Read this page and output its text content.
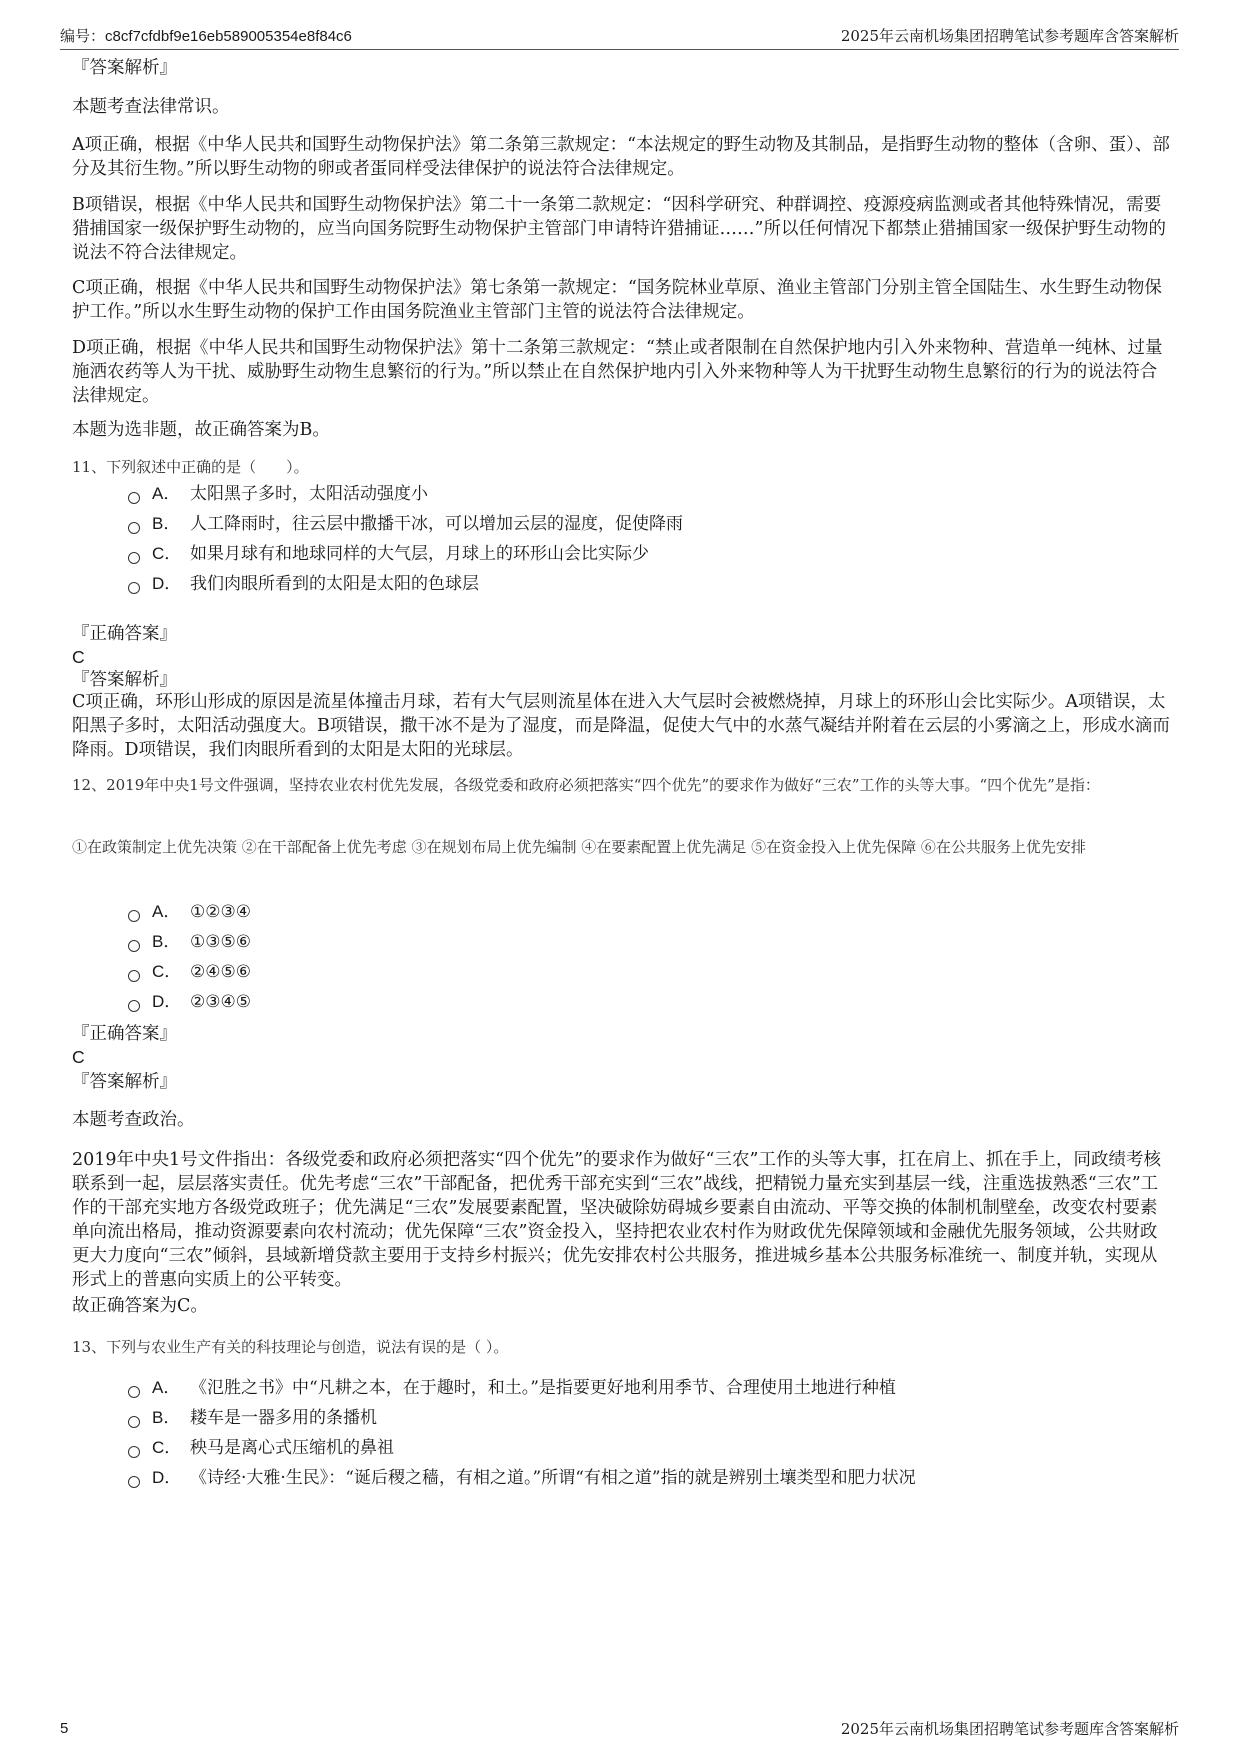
编号：c8cf7cfdbf9e16eb589005354e8f84c6	2025年云南机场集团招聘笔试参考题库含答案解析

『答案解析』

本题考查法律常识。

A项正确，根据《中华人民共和国野生动物保护法》第二条第三款规定：“本法规定的野生动物及其制品，是指野生动物的整体（含卵、蛋）、部分及其衍生物。”所以野生动物的卵或者蛋同样受法律保护的说法符合法律规定。

B项错误，根据《中华人民共和国野生动物保护法》第二十一条第二款规定：“因科学研究、种群调控、疫源疫病监测或者其他特殊情况，需要猎捕国家一级保护野生动物的，应当向国务院野生动物保护主管部门申请特许猎捕证……”所以任何情况下都禁止猎捕国家一级保护野生动物的说法不符合法律规定。

C项正确，根据《中华人民共和国野生动物保护法》第七条第一款规定：“国务院林业草原、渔业主管部门分别主管全国陆生、水生野生动物保护工作。”所以水生野生动物的保护工作由国务院渔业主管部门主管的说法符合法律规定。

D项正确，根据《中华人民共和国野生动物保护法》第十二条第三款规定：“禁止或者限制在自然保护地内引入外来物种、营造单一纯林、过量施洒农药等人为干扰、威胁野生动物生息繁衍的行为。”所以禁止在自然保护地内引入外来物种等人为干扰野生动物生息繁衍的行为的说法符合法律规定。

本题为选非题，故正确答案为B。

11、下列叙述中正确的是（　　）。

A． 太阳黑子多时，太阳活动强度小
B． 人工降雨时，往云层中撒播干冰，可以增加云层的湿度，促使降雨
C． 如果月球有和地球同样的大气层，月球上的环形山会比实际少
D． 我们肉眼所看到的太阳是太阳的色球层

『正确答案』

C

『答案解析』

C项正确，环形山形成的原因是流星体撞击月球，若有大气层则流星体在进入大气层时会被燃烧掉，月球上的环形山会比实际少。A项错误，太阳黑子多时，太阳活动强度大。B项错误，撒干冰不是为了湿度，而是降温，促使大气中的水蒸气凝结并附着在云层的小雾滴之上，形成水滴而降雨。D项错误，我们肉眼所看到的太阳是太阳的光球层。

12、2019年中央1号文件强调，坚持农业农村优先发展，各级党委和政府必须把落实“四个优先”的要求作为做好“三农”工作的头等大事。“四个优先”是指：

①在政策制定上优先决策 ②在干部配备上优先考虑 ③在规划布局上优先编制 ④在要素配置上优先满足 ⑤在资金投入上优先保障 ⑥在公共服务上优先安排

A． ①②③④
B． ①③⑤⑥
C． ②④⑤⑥
D． ②③④⑤

『正确答案』

C

『答案解析』

本题考查政治。

2019年中央1号文件指出：各级党委和政府必须把落实“四个优先”的要求作为做好“三农”工作的头等大事，扛在肩上、抓在手上，同政绩考核联系到一起，层层落实责任。优先考虑“三农”干部配备，把优秀干部充实到“三农”战线，把精锐力量充实到基层一线，注重选拔熟悉“三农”工作的干部充实地方各级党政班子；优先满足“三农”发展要素配置，坚决破除妨碍城乡要素自由流动、平等交换的体制机制壁垒，改变农村要素单向流出格局，推动资源要素向农村流动；优先保障“三农”资金投入，坚持把农业农村作为财政优先保障领域和金融优先服务领域，公共财政更大力度向“三农”倾斜，县域新增贷款主要用于支持乡村振兴；优先安排农村公共服务，推进城乡基本公共服务标准统一、制度并轨，实现从形式上的普惠向实质上的公平转变。

故正确答案为C。

13、下列与农业生产有关的科技理论与创造，说法有误的是（ ）。

A． 《氾胜之书》中“凡耕之本，在于趣时，和土。”是指要更好地利用季节、合理使用土地进行种植
B． 耧车是一器多用的条播机
C． 秧马是离心式压缩机的鼻祖
D． 《诗经·大雅·生民》：“诞后稷之穑，有相之道。”所谓“有相之道”指的就是辨别土壤类型和肥力状况
5	2025年云南机场集团招聘笔试参考题库含答案解析
